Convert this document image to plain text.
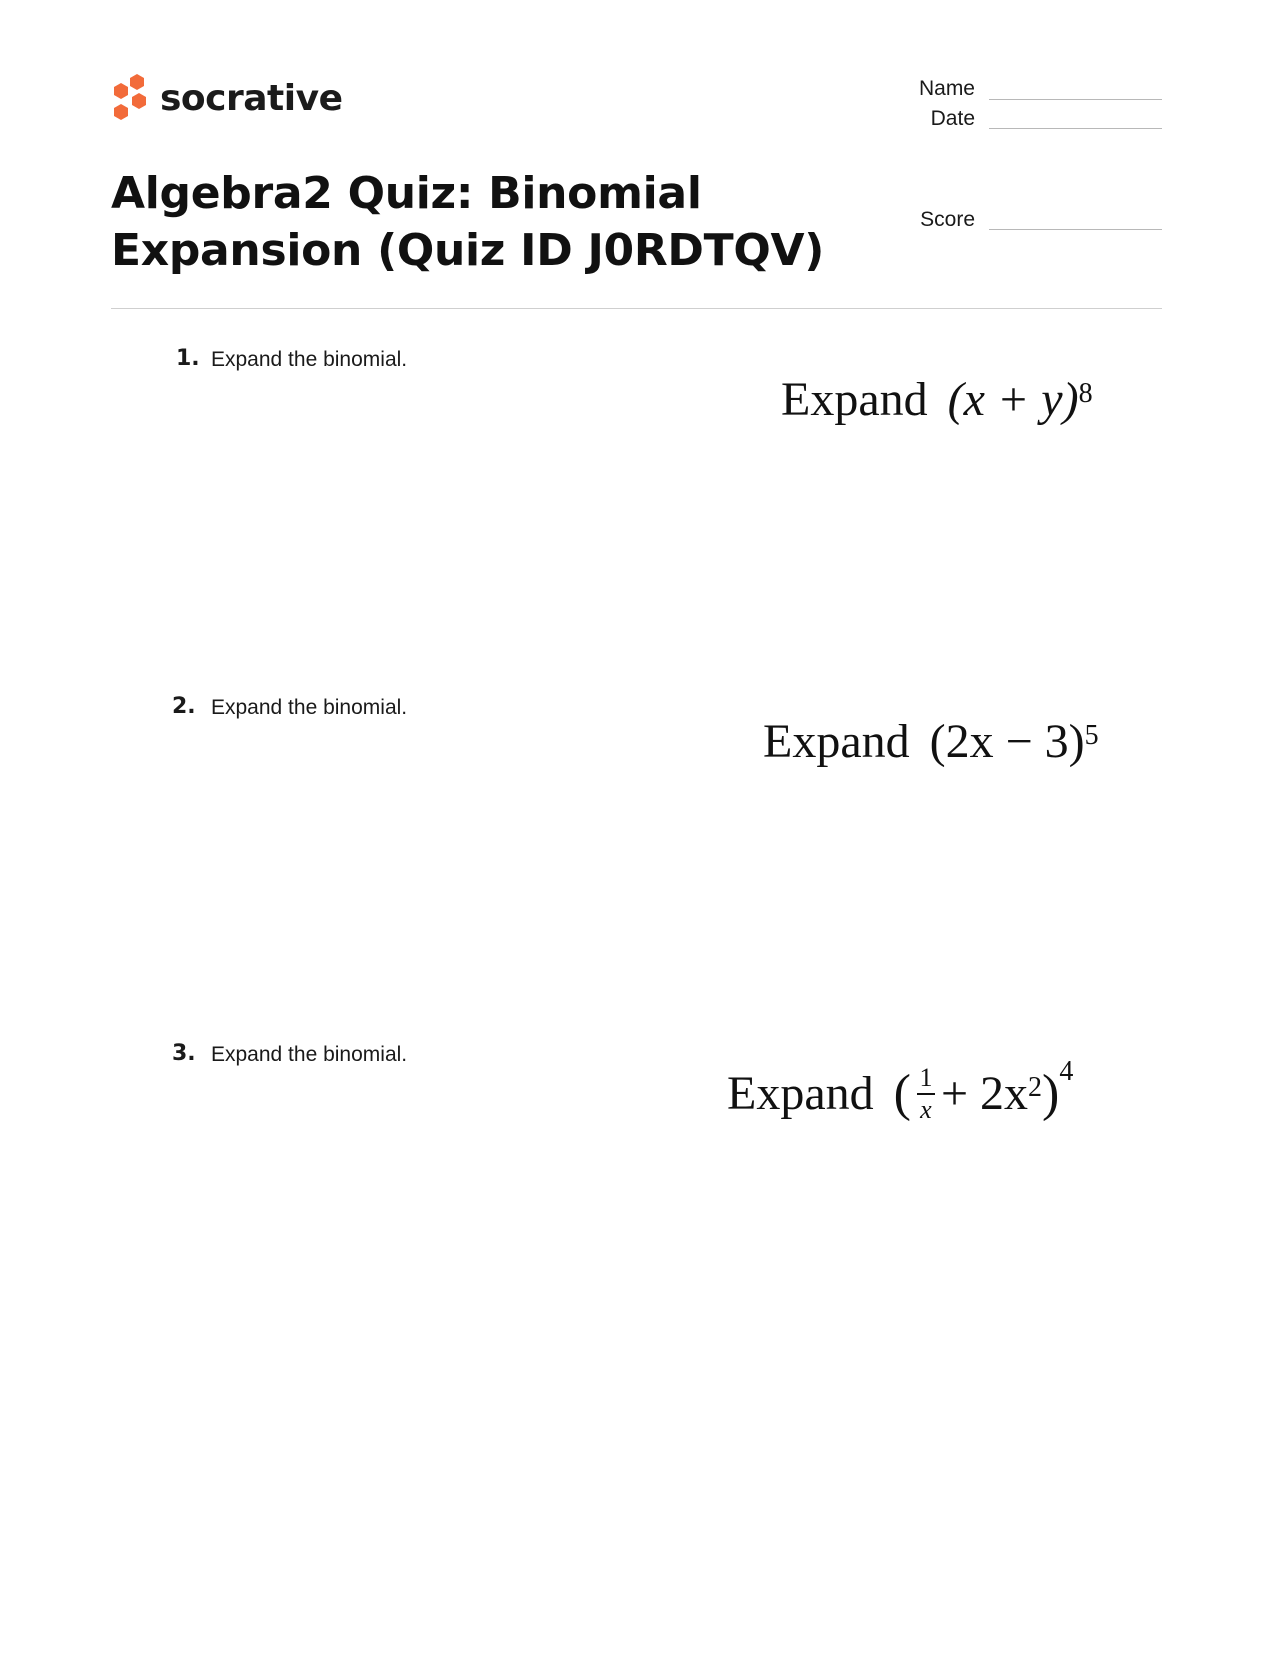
socrative
Algebra2 Quiz: Binomial Expansion (Quiz ID J0RDTQV)
Name
Date
Score
1. Expand the binomial.
Expand $(x + y)^8$
2. Expand the binomial.
Expand $(2x - 3)^5$
3. Expand the binomial.
Expand ( $\frac{1}{x} + 2x^2$ )$^4$
